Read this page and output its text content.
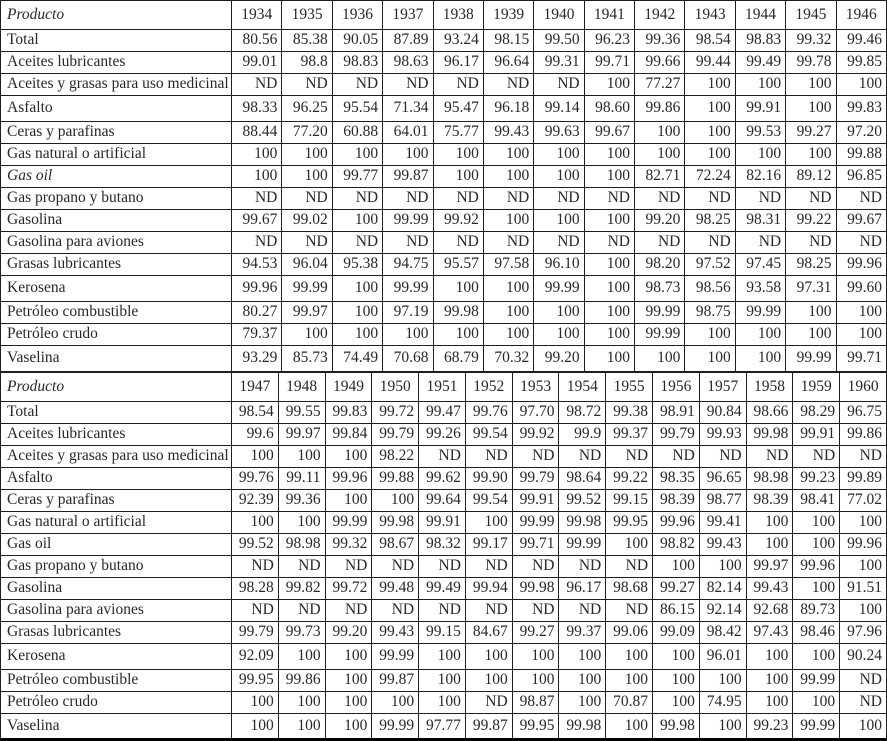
Producto	1934	1935	1936	1937	1938	1939	1940	1941	1942	1943	1944	1945	1946
Total	80.56	85.38	90.05	87.89	93.24	98.15	99.50	96.23	99.36	98.54	98.83	99.32	99.46
Aceites lubricantes	99.01	98.8	98.83	98.63	96.17	96.64	99.31	99.71	99.66	99.44	99.49	99.78	99.85
Aceites y grasas para uso medicinal	ND	ND	ND	ND	ND	ND	ND	100	77.27	100	100	100	100
Asfalto	98.33	96.25	95.54	71.34	95.47	96.18	99.14	98.60	99.86	100	99.91	100	99.83
Ceras y parafinas	88.44	77.20	60.88	64.01	75.77	99.43	99.63	99.67	100	100	99.53	99.27	97.20
Gas natural o artificial	100	100	100	100	100	100	100	100	100	100	100	100	99.88
Gas oil	100	100	99.77	99.87	100	100	100	100	82.71	72.24	82.16	89.12	96.85
Gas propano y butano	ND	ND	ND	ND	ND	ND	ND	ND	ND	ND	ND	ND	ND
Gasolina	99.67	99.02	100	99.99	99.92	100	100	100	99.20	98.25	98.31	99.22	99.67
Gasolina para aviones	ND	ND	ND	ND	ND	ND	ND	ND	ND	ND	ND	ND	ND
Grasas lubricantes	94.53	96.04	95.38	94.75	95.57	97.58	96.10	100	98.20	97.52	97.45	98.25	99.96
Kerosena	99.96	99.99	100	99.99	100	100	99.99	100	98.73	98.56	93.58	97.31	99.60
Petróleo combustible	80.27	99.97	100	97.19	99.98	100	100	100	99.99	98.75	99.99	100	100
Petróleo crudo	79.37	100	100	100	100	100	100	100	99.99	100	100	100	100
Vaselina	93.29	85.73	74.49	70.68	68.79	70.32	99.20	100	100	100	100	99.99	99.71
Producto	1947	1948	1949	1950	1951	1952	1953	1954	1955	1956	1957	1958	1959	1960
Total	98.54	99.55	99.83	99.72	99.47	99.76	97.70	98.72	99.38	98.91	90.84	98.66	98.29	96.75
Aceites lubricantes	99.6	99.97	99.84	99.79	99.26	99.54	99.92	99.9	99.37	99.79	99.93	99.98	99.91	99.86
Aceites y grasas para uso medicinal	100	100	100	98.22	ND	ND	ND	ND	ND	ND	ND	ND	ND	ND
Asfalto	99.76	99.11	99.96	99.88	99.62	99.90	99.79	98.64	99.22	98.35	96.65	98.98	99.23	99.89
Ceras y parafinas	92.39	99.36	100	100	99.64	99.54	99.91	99.52	99.15	98.39	98.77	98.39	98.41	77.02
Gas natural o artificial	100	100	99.99	99.98	99.91	100	99.99	99.98	99.95	99.96	99.41	100	100	100
Gas oil	99.52	98.98	99.32	98.67	98.32	99.17	99.71	99.99	100	98.82	99.43	100	100	99.96
Gas propano y butano	ND	ND	ND	ND	ND	ND	ND	ND	ND	100	100	99.97	99.96	100
Gasolina	98.28	99.82	99.72	99.48	99.49	99.94	99.98	96.17	98.68	99.27	82.14	99.43	100	91.51
Gasolina para aviones	ND	ND	ND	ND	ND	ND	ND	ND	ND	86.15	92.14	92.68	89.73	100
Grasas lubricantes	99.79	99.73	99.20	99.43	99.15	84.67	99.27	99.37	99.06	99.09	98.42	97.43	98.46	97.96
Kerosena	92.09	100	100	99.99	100	100	100	100	100	100	96.01	100	100	90.24
Petróleo combustible	99.95	99.86	100	99.87	100	100	100	100	100	100	100	100	99.99	ND
Petróleo crudo	100	100	100	100	100	ND	98.87	100	70.87	100	74.95	100	100	ND
Vaselina	100	100	100	99.99	97.77	99.87	99.95	99.98	100	99.98	100	99.23	99.99	100
